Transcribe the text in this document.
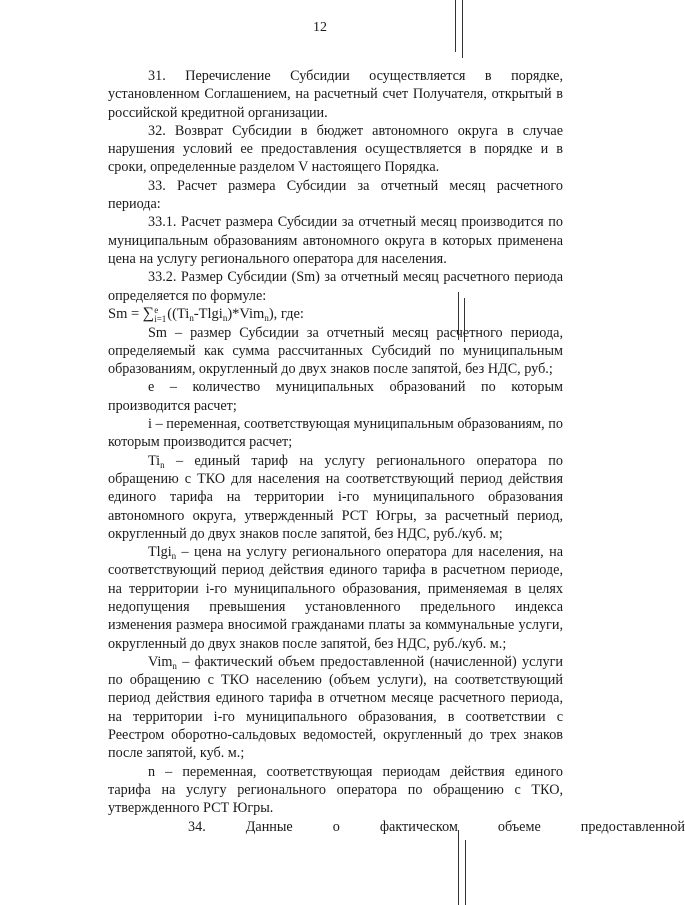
12

31. Перечисление Субсидии осуществляется в порядке, установленном Соглашением, на расчетный счет Получателя, открытый в российской кредитной организации.

32. Возврат Субсидии в бюджет автономного округа в случае нарушения условий ее предоставления осуществляется в порядке и в сроки, определенные разделом V настоящего Порядка.

33. Расчет размера Субсидии за отчетный месяц расчетного периода:

33.1. Расчет размера Субсидии за отчетный месяц производится по муниципальным образованиям автономного округа в которых применена цена на услугу регионального оператора для населения.

33.2. Размер Субсидии (Sm) за отчетный месяц расчетного периода определяется по формуле:

Sm = ∑e
$i=1((Ti_n-Tlgi_n)*Vim_n)$, где:

Sm – размер Субсидии за отчетный месяц расчетного периода, определяемый как сумма рассчитанных Субсидий по муниципальным образованиям, округленный до двух знаков после запятой, без НДС, руб.;

e – количество муниципальных образований по которым производится расчет;

i – переменная, соответствующая муниципальным образованиям, по которым производится расчет;

$Ti_n$ – единый тариф на услугу регионального оператора по обращению с ТКО для населения на соответствующий период действия единого тарифа на территории i-го муниципального образования автономного округа, утвержденный РСТ Югры, за расчетный период, округленный до двух знаков после запятой, без НДС, руб./куб. м;

Tlgi$_n$ – цена на услугу регионального оператора для населения, на соответствующий период действия единого тарифа в расчетном периоде, на территории i-го муниципального образования, применяемая в целях недопущения превышения установленного предельного индекса изменения размера вносимой гражданами платы за коммунальные услуги, округленный до двух знаков после запятой, без НДС, руб./куб. м.;

Vim$_n$ – фактический объем предоставленной (начисленной) услуги по обращению с ТКО населению (объем услуги), на соответствующий период действия единого тарифа в отчетном месяце расчетного периода, на территории i-го муниципального образования, в соответствии с Реестром оборотно-сальдовых ведомостей, округленный до трех знаков после запятой, куб. м.;

n – переменная, соответствующая периодам действия единого тарифа на услугу регионального оператора по обращению с ТКО, утвержденного РСТ Югры.

34.	Данные	о	фактическом	объеме	предоставленной
